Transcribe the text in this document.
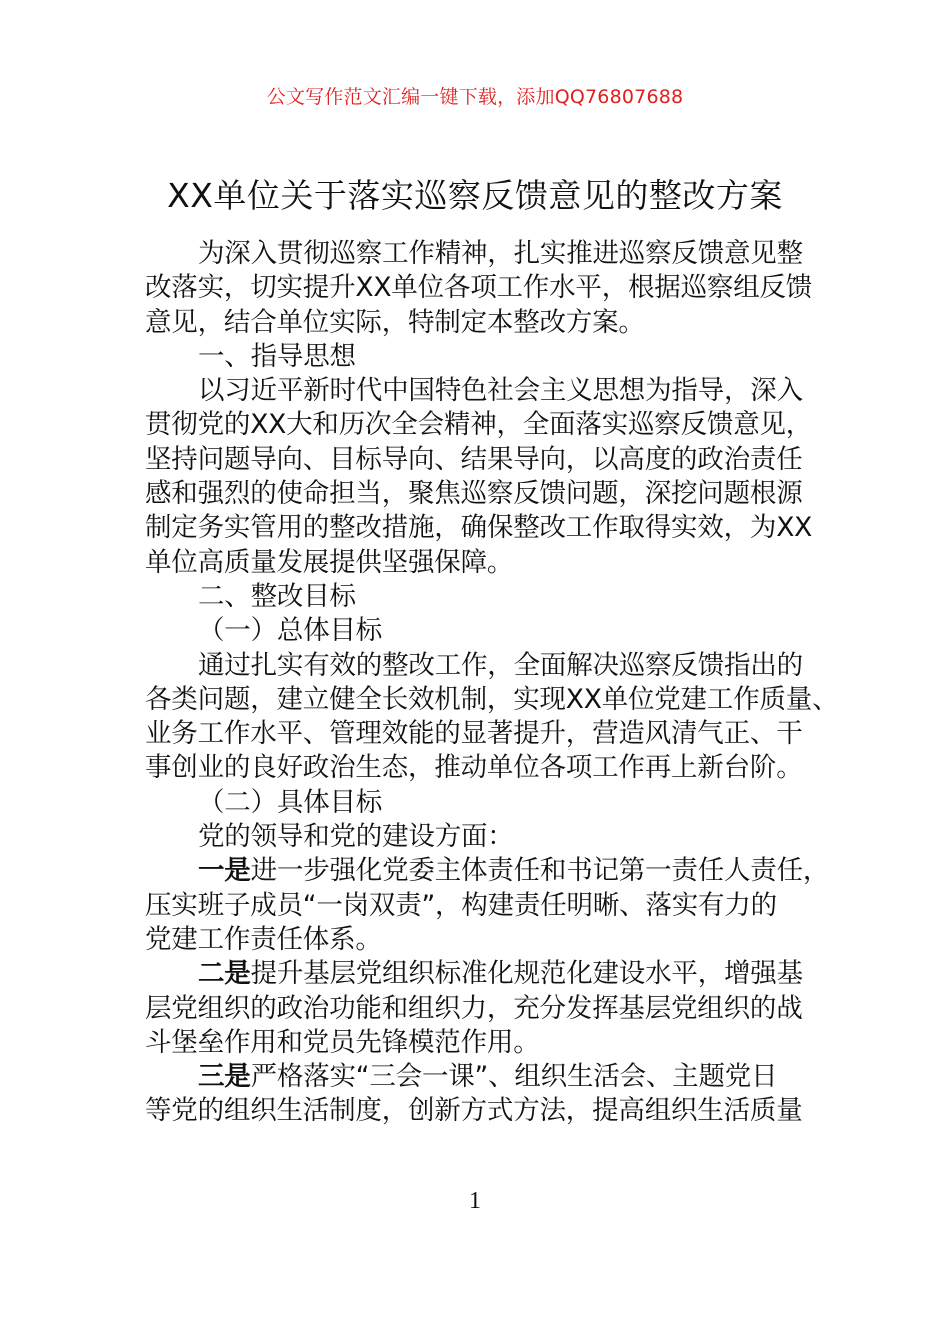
公文写作范文汇编一键下载，添加QQ76807688
XX单位关于落实巡察反馈意见的整改方案
为深入贯彻巡察工作精神，扎实推进巡察反馈意见整
改落实，切实提升XX单位各项工作水平，根据巡察组反馈
意见，结合单位实际，特制定本整改方案。
一、指导思想
以习近平新时代中国特色社会主义思想为指导，深入
贯彻党的XX大和历次全会精神，全面落实巡察反馈意见，
坚持问题导向、目标导向、结果导向，以高度的政治责任
感和强烈的使命担当，聚焦巡察反馈问题，深挖问题根源
制定务实管用的整改措施，确保整改工作取得实效，为XX
单位高质量发展提供坚强保障。
二、整改目标
（一）总体目标
通过扎实有效的整改工作，全面解决巡察反馈指出的
各类问题，建立健全长效机制，实现XX单位党建工作质量、
业务工作水平、管理效能的显著提升，营造风清气正、干
事创业的良好政治生态，推动单位各项工作再上新台阶。
（二）具体目标
党的领导和党的建设方面：
一是进一步强化党委主体责任和书记第一责任人责任，
压实班子成员“一岗双责”，构建责任明晰、落实有力的
党建工作责任体系。
二是提升基层党组织标准化规范化建设水平，增强基
层党组织的政治功能和组织力，充分发挥基层党组织的战
斗堡垒作用和党员先锋模范作用。
三是严格落实“三会一课”、组织生活会、主题党日
等党的组织生活制度，创新方式方法，提高组织生活质量
1
